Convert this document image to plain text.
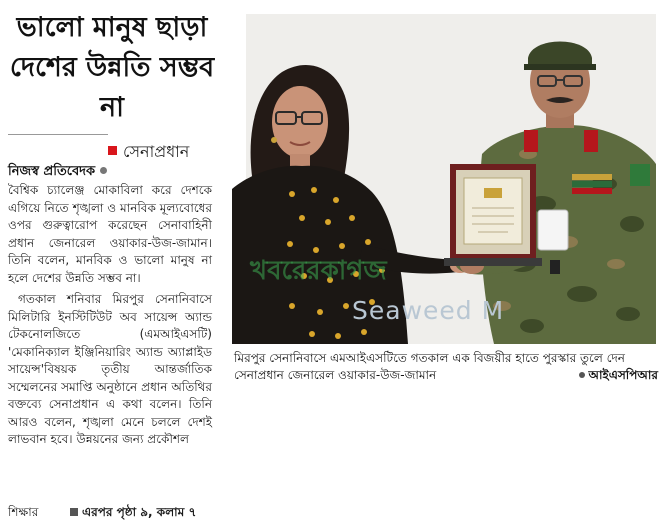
ভালো মানুষ ছাড়া দেশের উন্নতি সম্ভব না
সেনাপ্রধান
নিজস্ব প্রতিবেদক

বৈশ্বিক চ্যালেঞ্জ মোকাবিলা করে দেশকে এগিয়ে নিতে শৃঙ্খলা ও মানবিক মূল্যবোধের ওপর গুরুত্বারোপ করেছেন সেনাবাহিনী প্রধান জেনারেল ওয়াকার-উজ-জামান। তিনি বলেন, মানবিক ও ভালো মানুষ না হলে দেশের উন্নতি সম্ভব না।

গতকাল শনিবার মিরপুর সেনানিবাসে মিলিটারি ইনস্টিটিউট অব সায়েন্স অ্যান্ড টেকনোলজিতে (এমআইএসটি) 'মেকানিক্যাল ইঞ্জিনিয়ারিং অ্যান্ড অ্যাপ্লাইড সায়েন্স'বিষয়ক তৃতীয় আন্তর্জাতিক সম্মেলনের সমাপ্তি অনুষ্ঠানে প্রধান অতিথির বক্তব্যে সেনাপ্রধান এ কথা বলেন। তিনি আরও বলেন, শৃঙ্খলা মেনে চললে দেশই লাভবান হবে। উন্নয়নের জন্য প্রকৌশল

শিক্ষার	এরপর পৃষ্ঠা ৯, কলাম ৭
Seaweed M
খবরেরকাগজ
মিরপুর সেনানিবাসে এমআইএসটিতে গতকাল এক বিজয়ীর হাতে পুরস্কার তুলে দেন সেনাপ্রধান জেনারেল ওয়াকার-উজ-জামান	আইএসপিআর
